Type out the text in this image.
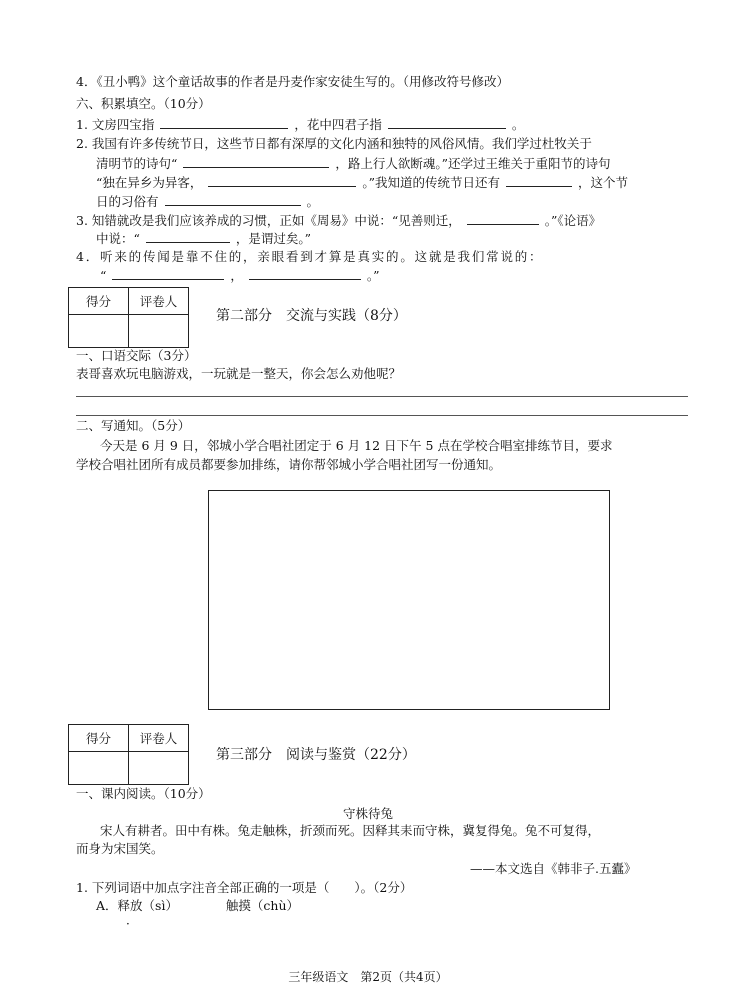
4．《丑小鸭》这个童话故事的作者是丹麦作家安徒生写的。（用修改符号修改）
六、积累填空。（10分）
1. 文房四宝指	，花中四君子指	。
2. 我国有许多传统节日，这些节日都有深厚的文化内涵和独特的风俗风情。我们学过杜牧关于
清明节的诗句“	，路上行人欲断魂。”还学过王维关于重阳节的诗句
“独在异乡为异客，	。”我知道的传统节日还有	，这个节
日的习俗有	。
3. 知错就改是我们应该养成的习惯，正如《周易》中说：“见善则迁，	。”《论语》
中说：“	，是谓过矣。”
4．听来的传闻是靠不住的，亲眼看到才算是真实的。这就是我们常说的：
“	，	。”
得分	评卷人

第二部分　交流与实践（8分）
一、口语交际（3分）
表哥喜欢玩电脑游戏，一玩就是一整天，你会怎么劝他呢？
二、写通知。（5分）
今天是 6 月 9 日，邻城小学合唱社团定于 6 月 12 日下午 5 点在学校合唱室排练节目，要求
学校合唱社团所有成员都要参加排练，请你帮邻城小学合唱社团写一份通知。
得分	评卷人

第三部分　阅读与鉴赏（22分）
一、课内阅读。（10分）
守株待兔
宋人有耕者。田中有株。兔走触株，折颈而死。因释其耒而守株，冀复得兔。兔不可复得，
而身为宋国笑。
——本文选自《韩非子.五蠹》
1. 下列词语中加点字注音全部正确的一项是（　　）。（2分）
A．释放（sì）	触摸（chù）
·
三年级语文　第2页（共4页）
